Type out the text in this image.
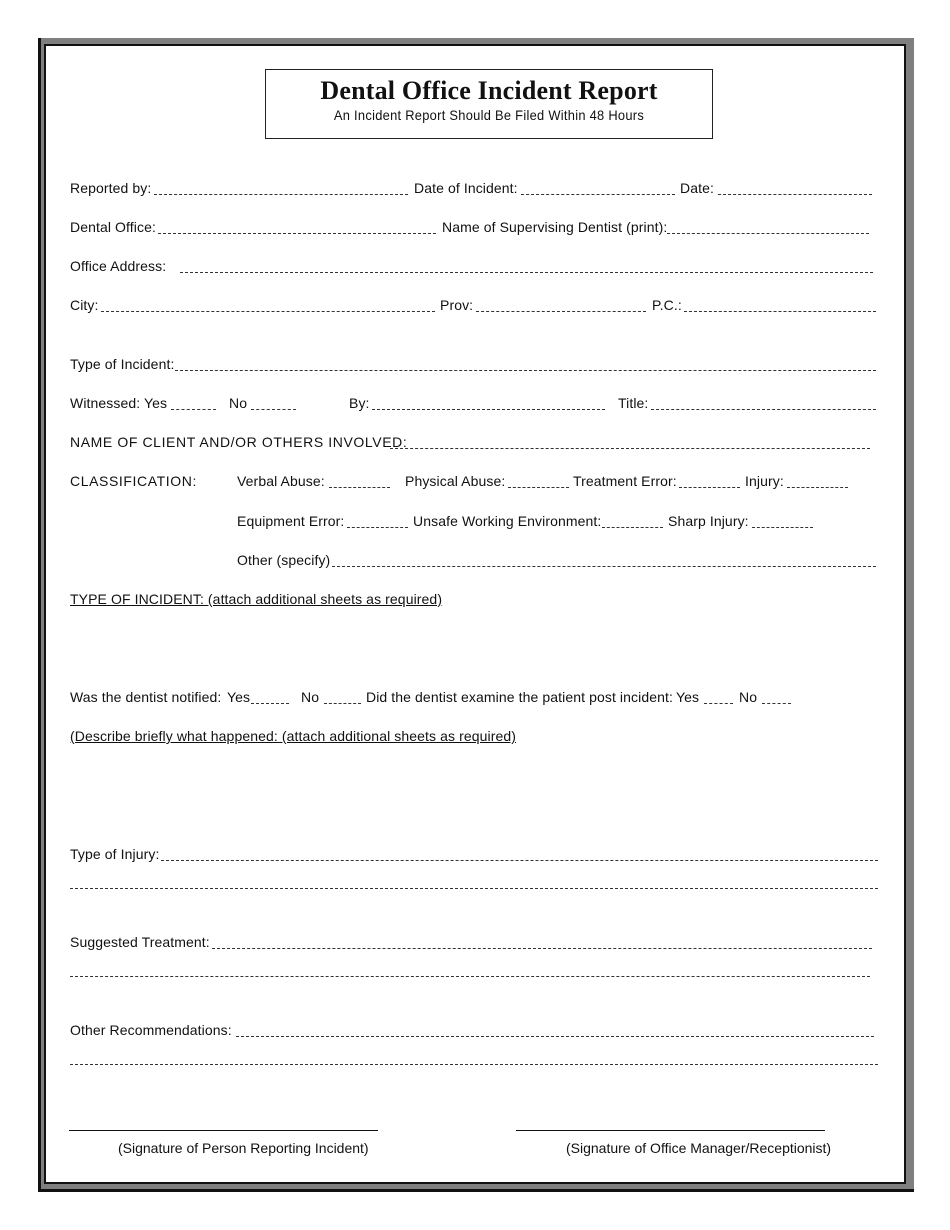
Dental Office Incident Report
An Incident Report Should Be Filed Within 48 Hours
Reported by:	Date of Incident:	Date:
Dental Office:	Name of Supervising Dentist (print):
Office Address:
City:	Prov:	P.C.:
Type of Incident:
Witnessed: Yes	No	By:	Title:
NAME OF CLIENT AND/OR OTHERS INVOLVED:
CLASSIFICATION:	Verbal Abuse:	Physical Abuse:	Treatment Error:	Injury:
Equipment Error:	Unsafe Working Environment:	Sharp Injury:
Other (specify)
TYPE OF INCIDENT: (attach additional sheets as required)
Was the dentist notified: Yes	No	Did the dentist examine the patient post incident: Yes	No
(Describe briefly what happened: (attach additional sheets as required)
Type of Injury:
Suggested Treatment:
Other Recommendations:
(Signature of Person Reporting Incident)	(Signature of Office Manager/Receptionist)
